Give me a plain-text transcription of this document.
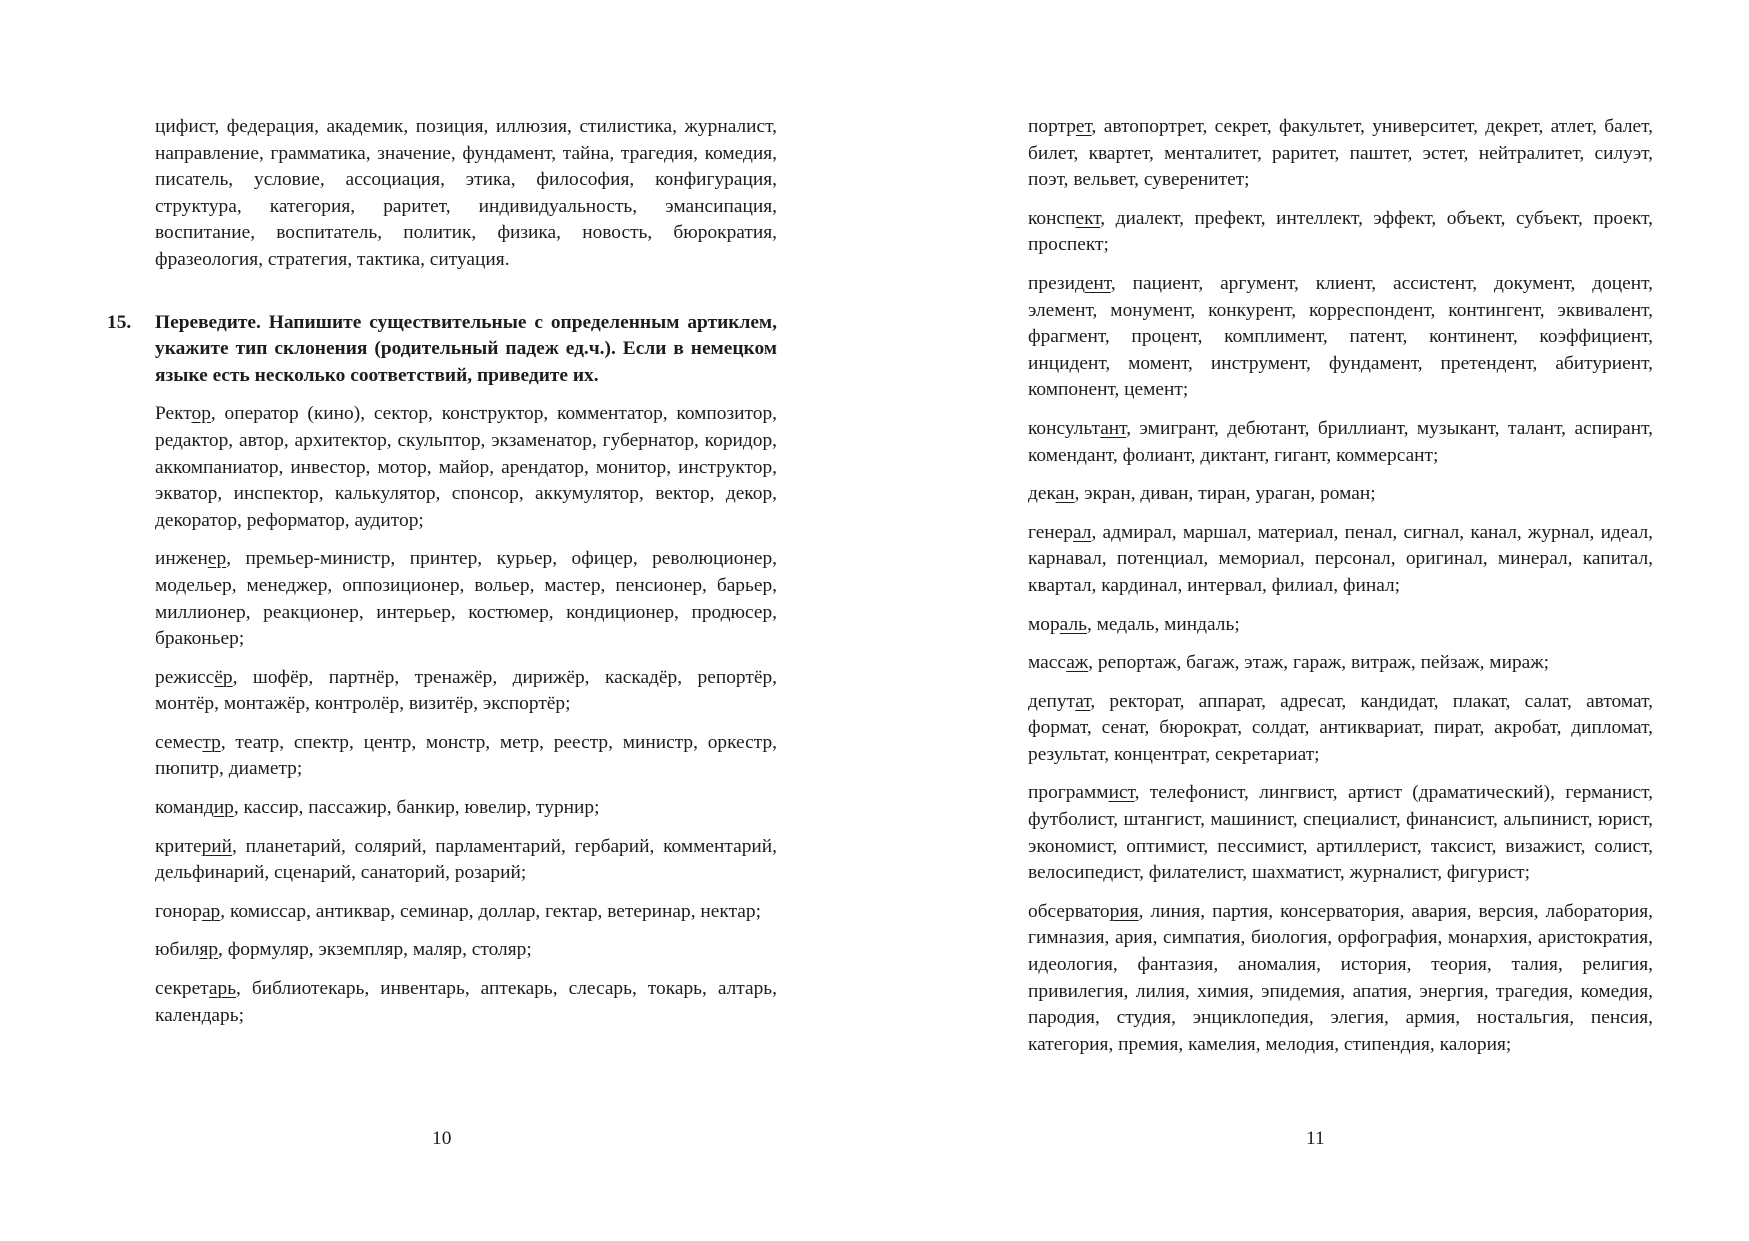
цифист, федерация, академик, позиция, иллюзия, стилистика, журналист, направление, грамматика, значение, фундамент, тайна, трагедия, комедия, писатель, условие, ассоциация, этика, философия, конфигурация, структура, категория, раритет, индивидуальность, эмансипация, воспитание, воспитатель, политик, физика, новость, бюрократия, фразеология, стратегия, тактика, ситуация.

15. Переведите. Напишите существительные с определенным артиклем, укажите тип склонения (родительный падеж ед.ч.). Если в немецком языке есть несколько соответствий, приведите их.

Ректор, оператор (кино), сектор, конструктор, комментатор, композитор, редактор, автор, архитектор, скульптор, экзаменатор, губернатор, коридор, аккомпаниатор, инвестор, мотор, майор, арендатор, монитор, инструктор, экватор, инспектор, калькулятор, спонсор, аккумулятор, вектор, декор, декоратор, реформатор, аудитор;

инженер, премьер-министр, принтер, курьер, офицер, революционер, модельер, менеджер, оппозиционер, вольер, мастер, пенсионер, барьер, миллионер, реакционер, интерьер, костюмер, кондиционер, продюсер, браконьер;

режиссёр, шофёр, партнёр, тренажёр, дирижёр, каскадёр, репортёр, монтёр, монтажёр, контролёр, визитёр, экспортёр;

семестр, театр, спектр, центр, монстр, метр, реестр, министр, оркестр, пюпитр, диаметр;

командир, кассир, пассажир, банкир, ювелир, турнир;

критерий, планетарий, солярий, парламентарий, гербарий, комментарий, дельфинарий, сценарий, санаторий, розарий;

гонорар, комиссар, антиквар, семинар, доллар, гектар, ветеринар, нектар;

юбиляр, формуляр, экземпляр, маляр, столяр;

секретарь, библиотекарь, инвентарь, аптекарь, слесарь, токарь, алтарь, календарь;

10

портрет, автопортрет, секрет, факультет, университет, декрет, атлет, балет, билет, квартет, менталитет, раритет, паштет, эстет, нейтралитет, силуэт, поэт, вельвет, суверенитет;

конспект, диалект, префект, интеллект, эффект, объект, субъект, проект, проспект;

президент, пациент, аргумент, клиент, ассистент, документ, доцент, элемент, монумент, конкурент, корреспондент, контингент, эквивалент, фрагмент, процент, комплимент, патент, континент, коэффициент, инцидент, момент, инструмент, фундамент, претендент, абитуриент, компонент, цемент;

консультант, эмигрант, дебютант, бриллиант, музыкант, талант, аспирант, комендант, фолиант, диктант, гигант, коммерсант;

декан, экран, диван, тиран, ураган, роман;

генерал, адмирал, маршал, материал, пенал, сигнал, канал, журнал, идеал, карнавал, потенциал, мемориал, персонал, оригинал, минерал, капитал, квартал, кардинал, интервал, филиал, финал;

мораль, медаль, миндаль;

массаж, репортаж, багаж, этаж, гараж, витраж, пейзаж, мираж;

депутат, ректорат, аппарат, адресат, кандидат, плакат, салат, автомат, формат, сенат, бюрократ, солдат, антиквариат, пират, акробат, дипломат, результат, концентрат, секретариат;

программист, телефонист, лингвист, артист (драматический), германист, футболист, штангист, машинист, специалист, финансист, альпинист, юрист, экономист, оптимист, пессимист, артиллерист, таксист, визажист, солист, велосипедист, филателист, шахматист, журналист, фигурист;

обсерватория, линия, партия, консерватория, авария, версия, лаборатория, гимназия, ария, симпатия, биология, орфография, монархия, аристократия, идеология, фантазия, аномалия, история, теория, талия, религия, привилегия, лилия, химия, эпидемия, апатия, энергия, трагедия, комедия, пародия, студия, энциклопедия, элегия, армия, ностальгия, пенсия, категория, премия, камелия, мелодия, стипендия, калория;

11
